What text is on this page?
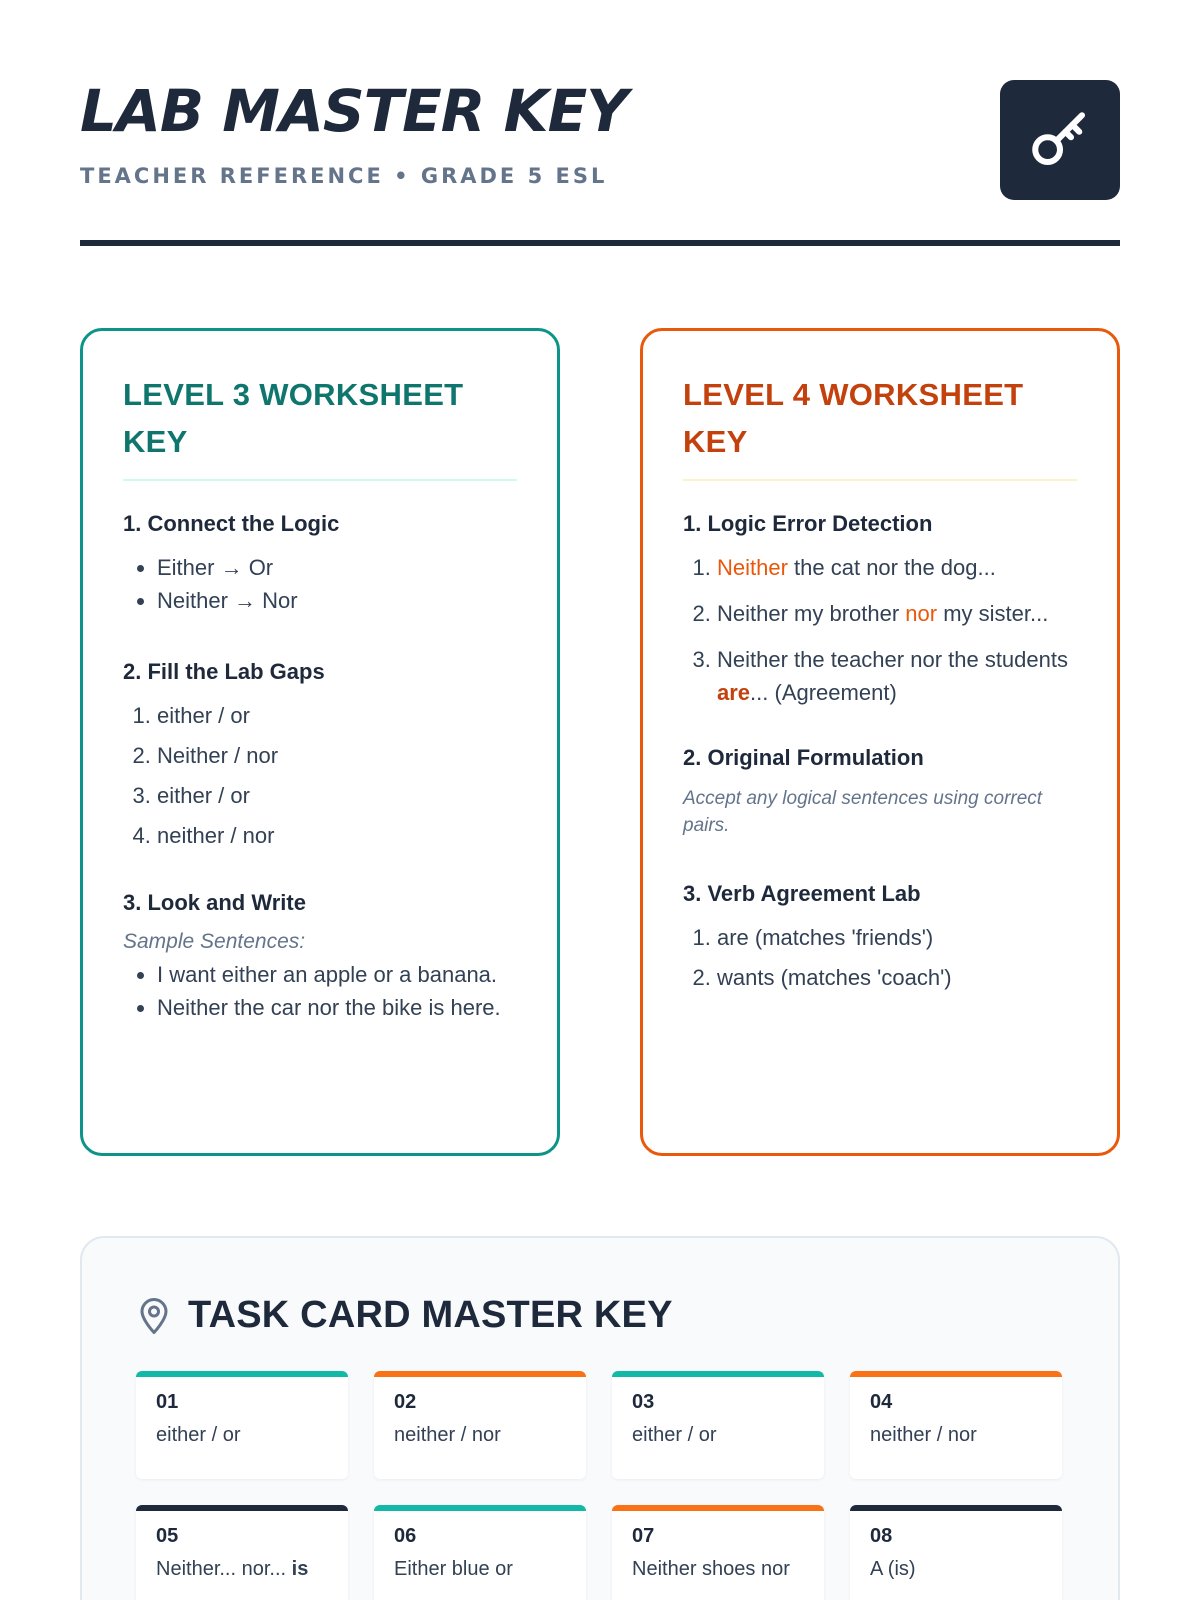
LAB MASTER KEY
TEACHER REFERENCE • GRADE 5 ESL
LEVEL 3 WORKSHEET KEY
1. Connect the Logic
• Either → Or
• Neither → Nor
2. Fill the Lab Gaps
1. either / or
2. Neither / nor
3. either / or
4. neither / nor
3. Look and Write
Sample Sentences:
• I want either an apple or a banana.
• Neither the car nor the bike is here.
LEVEL 4 WORKSHEET KEY
1. Logic Error Detection
1. Neither the cat nor the dog...
2. Neither my brother nor my sister...
3. Neither the teacher nor the students are... (Agreement)
2. Original Formulation
Accept any logical sentences using correct pairs.
3. Verb Agreement Lab
1. are (matches 'friends')
2. wants (matches 'coach')
TASK CARD MASTER KEY
01
either / or
02
neither / nor
03
either / or
04
neither / nor
05
Neither... nor... is
06
Either blue or
07
Neither shoes nor
08
A (is)
